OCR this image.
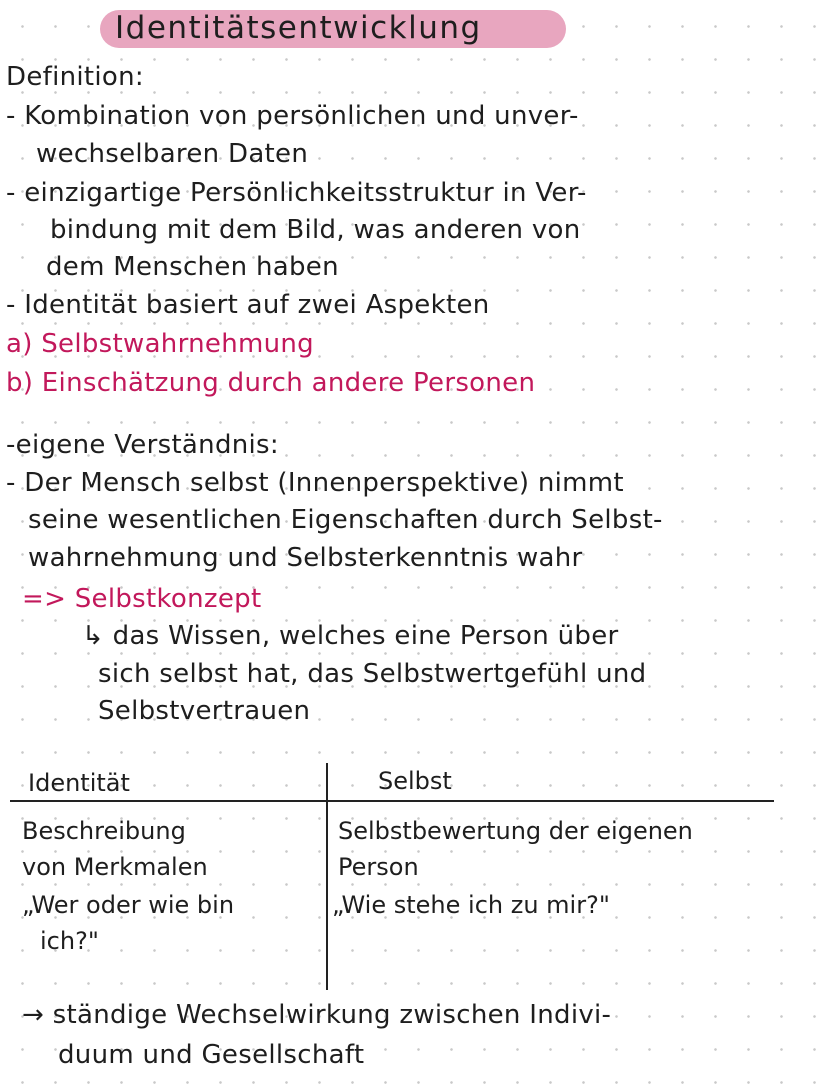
Identitätsentwicklung
Definition:
- Kombination von persönlichen und unver-
wechselbaren Daten
- einzigartige Persönlichkeitsstruktur in Ver-
bindung mit dem Bild, was anderen von
dem Menschen haben
- Identität basiert auf zwei Aspekten
a) Selbstwahrnehmung
b) Einschätzung durch andere Personen
-eigene Verständnis:
- Der Mensch selbst (Innenperspektive) nimmt
seine wesentlichen Eigenschaften durch Selbst-
wahrnehmung und Selbsterkenntnis wahr
=> Selbstkonzept
↳ das Wissen, welches eine Person über
sich selbst hat, das Selbstwertgefühl und
Selbstvertrauen
Identität	Selbst
Beschreibung
von Merkmalen
„Wer oder wie bin
ich?"
Selbstbewertung der eigenen
Person
„Wie stehe ich zu mir?"
→ ständige Wechselwirkung zwischen Indivi-
duum und Gesellschaft
